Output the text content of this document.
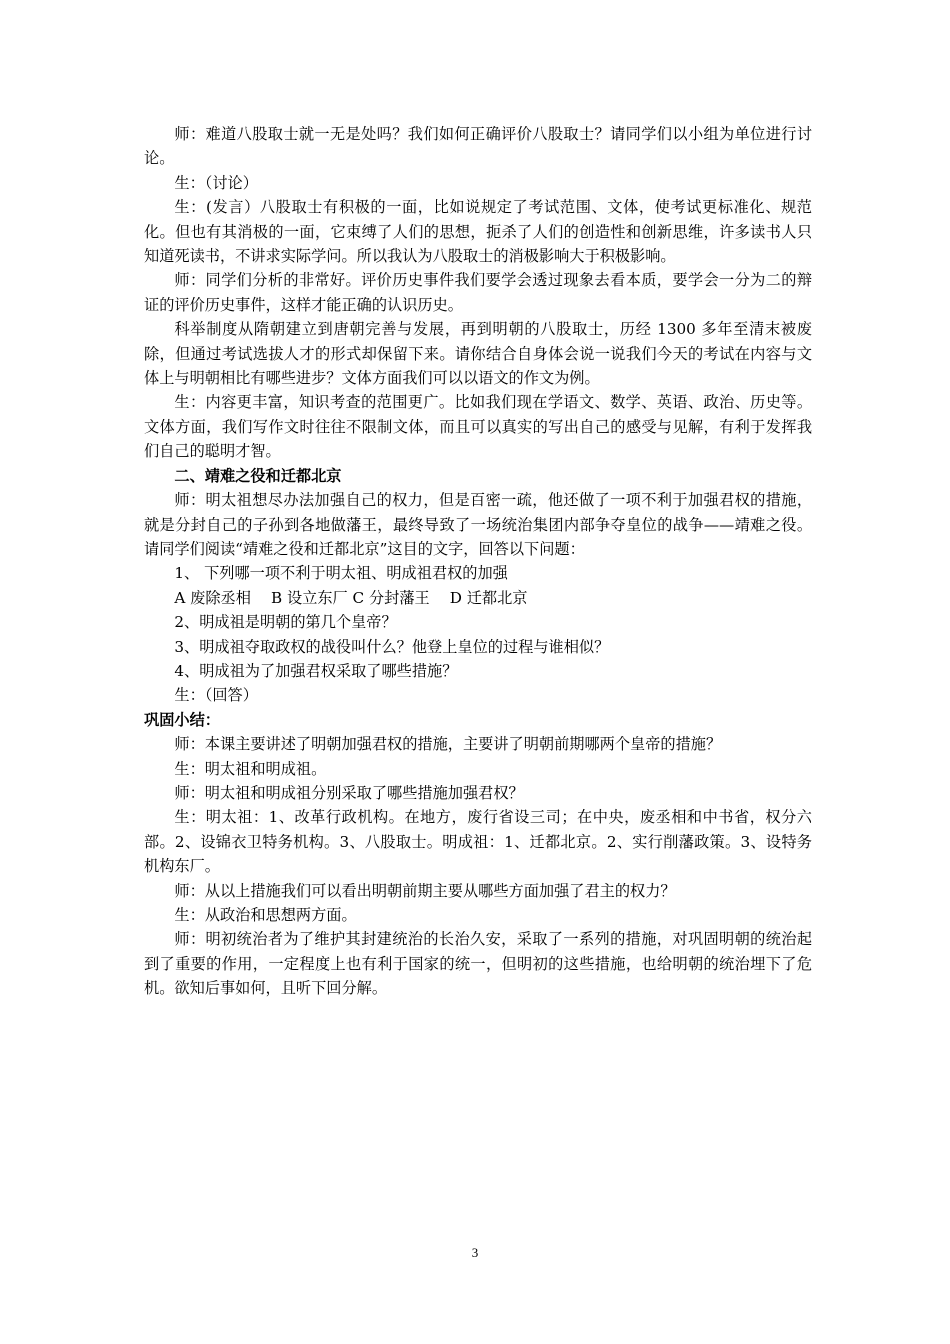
师：难道八股取士就一无是处吗？我们如何正确评价八股取士？请同学们以小组为单位进行讨论。

生：（讨论）

生：(发言）八股取士有积极的一面，比如说规定了考试范围、文体，使考试更标准化、规范化。但也有其消极的一面，它束缚了人们的思想，扼杀了人们的创造性和创新思维，许多读书人只知道死读书，不讲求实际学问。所以我认为八股取士的消极影响大于积极影响。

师：同学们分析的非常好。评价历史事件我们要学会透过现象去看本质，要学会一分为二的辩证的评价历史事件，这样才能正确的认识历史。

科举制度从隋朝建立到唐朝完善与发展，再到明朝的八股取士，历经 1300 多年至清末被废除，但通过考试选拔人才的形式却保留下来。请你结合自身体会说一说我们今天的考试在内容与文体上与明朝相比有哪些进步？文体方面我们可以以语文的作文为例。

生：内容更丰富，知识考查的范围更广。比如我们现在学语文、数学、英语、政治、历史等。文体方面，我们写作文时往往不限制文体，而且可以真实的写出自己的感受与见解，有利于发挥我们自己的聪明才智。

二、靖难之役和迁都北京

师：明太祖想尽办法加强自己的权力，但是百密一疏，他还做了一项不利于加强君权的措施，就是分封自己的子孙到各地做藩王，最终导致了一场统治集团内部争夺皇位的战争——靖难之役。请同学们阅读“靖难之役和迁都北京”这目的文字，回答以下问题：

1、 下列哪一项不利于明太祖、明成祖君权的加强

A 废除丞相　 B 设立东厂 C 分封藩王　 D 迁都北京

2、明成祖是明朝的第几个皇帝？

3、明成祖夺取政权的战役叫什么？他登上皇位的过程与谁相似？

4、明成祖为了加强君权采取了哪些措施？

生：（回答）

巩固小结：

师：本课主要讲述了明朝加强君权的措施，主要讲了明朝前期哪两个皇帝的措施？

生：明太祖和明成祖。

师：明太祖和明成祖分别采取了哪些措施加强君权？

生：明太祖：1、改革行政机构。在地方，废行省设三司；在中央，废丞相和中书省，权分六部。2、设锦衣卫特务机构。3、八股取士。明成祖：1、迁都北京。2、实行削藩政策。3、设特务机构东厂。

师：从以上措施我们可以看出明朝前期主要从哪些方面加强了君主的权力？

生：从政治和思想两方面。

师：明初统治者为了维护其封建统治的长治久安，采取了一系列的措施，对巩固明朝的统治起到了重要的作用，一定程度上也有利于国家的统一，但明初的这些措施，也给明朝的统治埋下了危机。欲知后事如何，且听下回分解。

3
